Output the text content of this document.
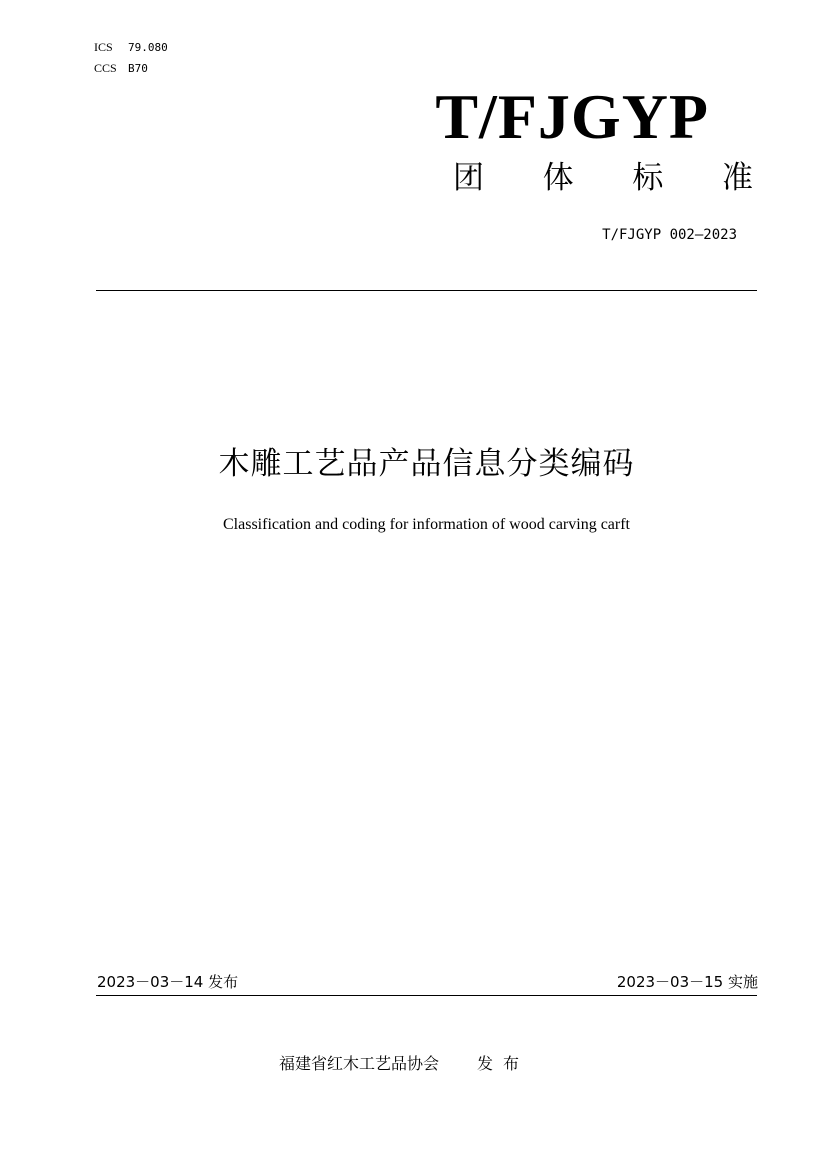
ICS 79.080
CCS B70
T/FJGYP
团 体 标 准
T/FJGYP 002—2023
木雕工艺品产品信息分类编码
Classification and coding for information of wood carving carft
2023－03－14 发布	2023－03－15 实施
福建省红木工艺品协会 发布
